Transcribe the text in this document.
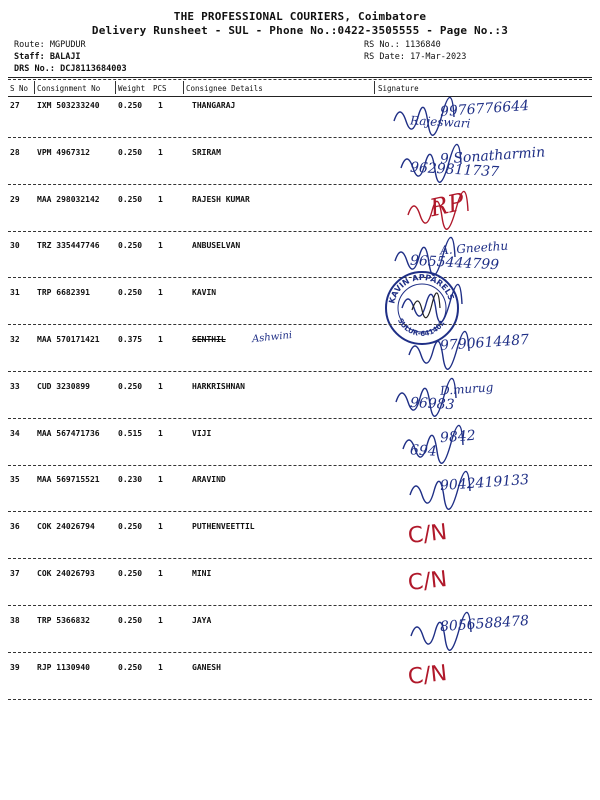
THE PROFESSIONAL COURIERS, Coimbatore
Delivery Runsheet - SUL - Phone No.:0422-3505555 - Page No.:3
Route: MGPUDUR
Staff: BALAJI
DRS No.: DCJ8113684003
RS No.: 1136840
RS Date: 17-Mar-2023
S No Consignment No Weight PCS	Consignee Details	Signature
27 IXM 503233240 0.250 1	THANGARAJ	9976776644
Rajeswari
28 VPM 4967312	0.250 1	SRIRAM	9 Sonatharmin
9629811737
29 MAA 298032142 0.250 1	RAJESH KUMAR	RP
30 TRZ 335447746 0.250 1	ANBUSELVAN	A. Gneethu
9655444799
31 TRP 6682391	0.250 1	KAVIN
KAVIN APPARELS
SULUR-641402
32 MAA 570171421 0.375 1	SENTHIL	Ashwini	9790614487
33 CUD 3230899	0.250 1	HARKRISHNAN	D.murug
96983
34 MAA 567471736 0.515 1	VIJI	9842
694
35 MAA 569715521 0.230 1	ARAVIND	9042419133
36 COK 24026794	0.250 1	PUTHENVEETTIL	C/N
37 COK 24026793	0.250 1	MINI	C/N
38 TRP 5366832	0.250 1	JAYA	8056588478
39 RJP 1130940	0.250 1	GANESH	C/N
